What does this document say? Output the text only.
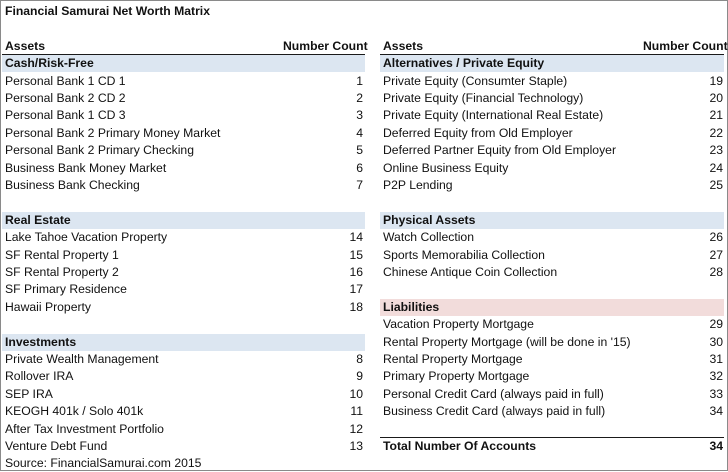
Financial Samurai Net Worth Matrix
Assets	Number Count Assets	Number Count
Cash/Risk-Free
Personal Bank 1 CD 1	1
Personal Bank 2 CD 2	2
Personal Bank 1 CD 3	3
Personal Bank 2 Primary Money Market	4
Personal Bank 2 Primary Checking	5
Business Bank Money Market	6
Business Bank Checking	7
Real Estate
Lake Tahoe Vacation Property	14
SF Rental Property 1	15
SF Rental Property 2	16
SF Primary Residence	17
Hawaii Property	18
Investments
Private Wealth Management	8
Rollover IRA	9
SEP IRA	10
KEOGH 401k / Solo 401k	11
After Tax Investment Portfolio	12
Venture Debt Fund	13
Alternatives / Private Equity
Private Equity (Consumter Staple)	19
Private Equity (Financial Technology)	20
Private Equity (International Real Estate)	21
Deferred Equity from Old Employer	22
Deferred Partner Equity from Old Employer	23
Online Business Equity	24
P2P Lending	25
Physical Assets
Watch Collection	26
Sports Memorabilia Collection	27
Chinese Antique Coin Collection	28
Liabilities
Vacation Property Mortgage	29
Rental Property Mortgage (will be done in '15)	30
Rental Property Mortgage	31
Primary Property Mortgage	32
Personal Credit Card (always paid in full)	33
Business Credit Card (always paid in full)	34
Total Number Of Accounts	34
Source: FinancialSamurai.com 2015
